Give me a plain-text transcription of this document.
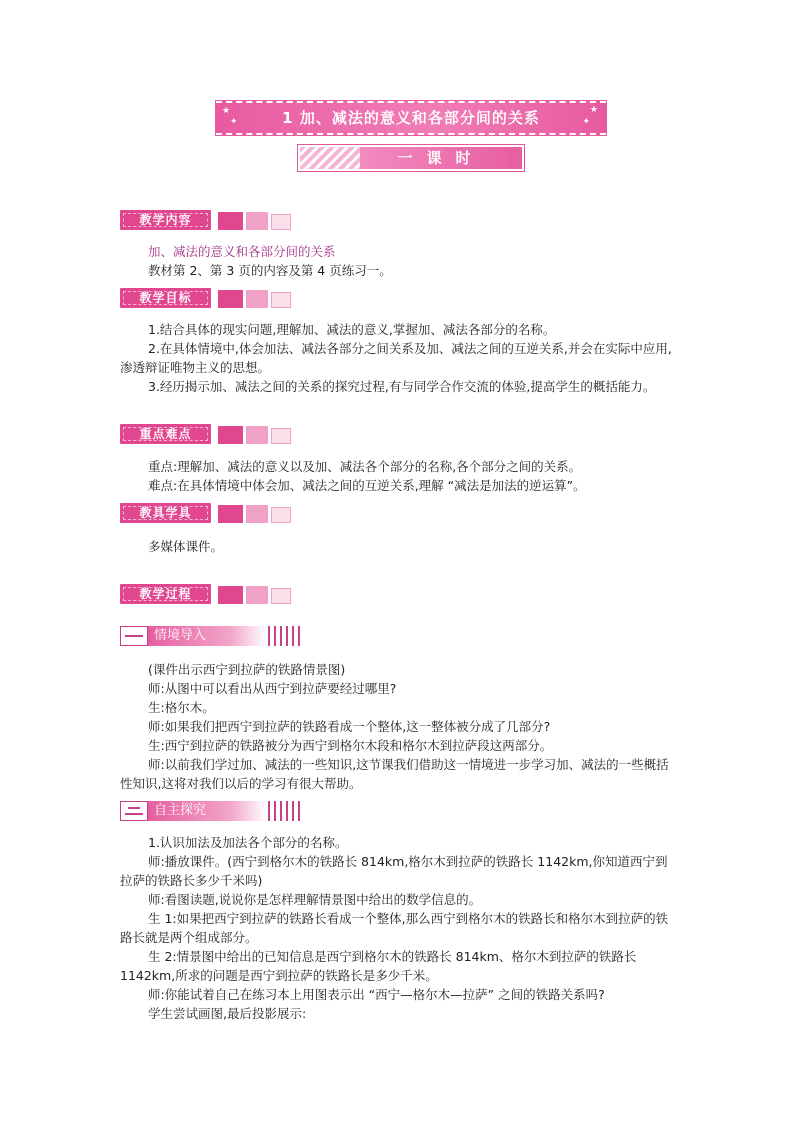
★
✦
★
✦
1 加、减法的意义和各部分间的关系
一课时
教学内容
加、减法的意义和各部分间的关系
教材第 2、第 3 页的内容及第 4 页练习一。
教学目标
1.结合具体的现实问题,理解加、减法的意义,掌握加、减法各部分的名称。
2.在具体情境中,体会加法、减法各部分之间关系及加、减法之间的互逆关系,并会在实际中应用,渗透辩证唯物主义的思想。
3.经历揭示加、减法之间的关系的探究过程,有与同学合作交流的体验,提高学生的概括能力。
重点难点
重点:理解加、减法的意义以及加、减法各个部分的名称,各个部分之间的关系。
难点:在具体情境中体会加、减法之间的互逆关系,理解 “减法是加法的逆运算”。
教具学具
多媒体课件。
教学过程
情境导入
(课件出示西宁到拉萨的铁路情景图)
师:从图中可以看出从西宁到拉萨要经过哪里?
生:格尔木。
师:如果我们把西宁到拉萨的铁路看成一个整体,这一整体被分成了几部分?
生:西宁到拉萨的铁路被分为西宁到格尔木段和格尔木到拉萨段这两部分。
师:以前我们学过加、减法的一些知识,这节课我们借助这一情境进一步学习加、减法的一些概括性知识,这将对我们以后的学习有很大帮助。
自主探究
1.认识加法及加法各个部分的名称。
师:播放课件。(西宁到格尔木的铁路长 814km,格尔木到拉萨的铁路长 1142km,你知道西宁到拉萨的铁路长多少千米吗)
师:看图读题,说说你是怎样理解情景图中给出的数学信息的。
生 1:如果把西宁到拉萨的铁路长看成一个整体,那么西宁到格尔木的铁路长和格尔木到拉萨的铁路长就是两个组成部分。
生 2:情景图中给出的已知信息是西宁到格尔木的铁路长 814km、格尔木到拉萨的铁路长 1142km,所求的问题是西宁到拉萨的铁路长是多少千米。
师:你能试着自己在练习本上用图表示出 “西宁—格尔木—拉萨” 之间的铁路关系吗?
学生尝试画图,最后投影展示:
